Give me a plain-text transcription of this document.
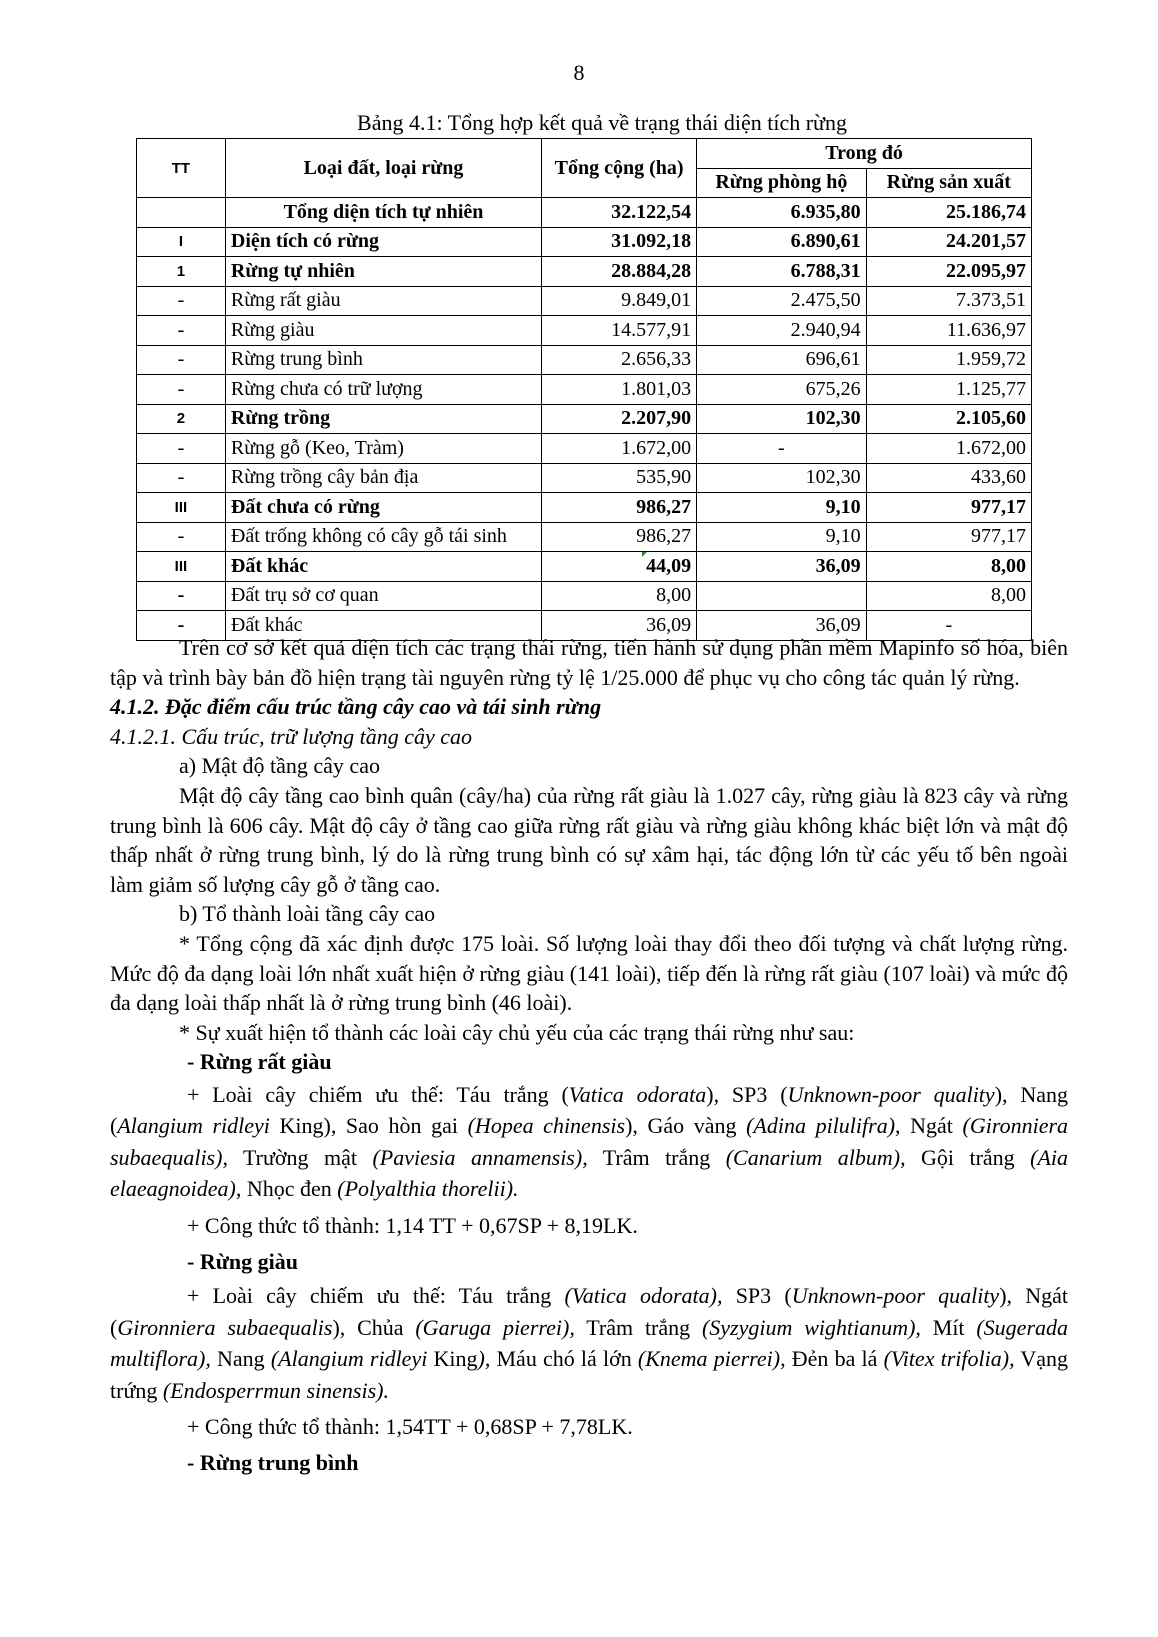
8
Bảng 4.1: Tổng hợp kết quả về trạng thái diện tích rừng
TT	Loại đất, loại rừng	Tổng cộng (ha)	Trong đó	
			Rừng phòng hộ	Rừng sản xuất
	Tổng diện tích tự nhiên	32.122,54	6.935,80	25.186,74
I	Diện tích có rừng	31.092,18	6.890,61	24.201,57
1	Rừng tự nhiên	28.884,28	6.788,31	22.095,97
-	Rừng rất giàu	9.849,01	2.475,50	7.373,51
-	Rừng giàu	14.577,91	2.940,94	11.636,97
-	Rừng trung bình	2.656,33	696,61	1.959,72
-	Rừng chưa có trữ lượng	1.801,03	675,26	1.125,77
2	Rừng trồng	2.207,90	102,30	2.105,60
-	Rừng gỗ (Keo, Tràm)	1.672,00	-	1.672,00
-	Rừng trồng cây bản địa	535,90	102,30	433,60
III	Đất chưa có rừng	986,27	9,10	977,17
-	Đất trống không có cây gỗ tái sinh	986,27	9,10	977,17
III	Đất khác	44,09	36,09	8,00
-	Đất trụ sở cơ quan	8,00		8,00
-	Đất khác	36,09	36,09	-

Trên cơ sở kết quả diện tích các trạng thái rừng, tiến hành sử dụng phần mềm Mapinfo số hóa, biên tập và trình bày bản đồ hiện trạng tài nguyên rừng tỷ lệ 1/25.000 để phục vụ cho công tác quản lý rừng.

4.1.2. Đặc điểm cấu trúc tầng cây cao và tái sinh rừng

4.1.2.1. Cấu trúc, trữ lượng tầng cây cao

a) Mật độ tầng cây cao

Mật độ cây tầng cao bình quân (cây/ha) của rừng rất giàu là 1.027 cây, rừng giàu là 823 cây và rừng trung bình là 606 cây. Mật độ cây ở tầng cao giữa rừng rất giàu và rừng giàu không khác biệt lớn và mật độ thấp nhất ở rừng trung bình, lý do là rừng trung bình có sự xâm hại, tác động lớn từ các yếu tố bên ngoài làm giảm số lượng cây gỗ ở tầng cao.

b) Tổ thành loài tầng cây cao

* Tổng cộng đã xác định được 175 loài. Số lượng loài thay đổi theo đối tượng và chất lượng rừng. Mức độ đa dạng loài lớn nhất xuất hiện ở rừng giàu (141 loài), tiếp đến là rừng rất giàu (107 loài) và mức độ đa dạng loài thấp nhất là ở rừng trung bình (46 loài).

* Sự xuất hiện tổ thành các loài cây chủ yếu của các trạng thái rừng như sau:

- Rừng rất giàu

+ Loài cây chiếm ưu thế: Táu trắng (Vatica odorata), SP3 (Unknown-poor quality), Nang (Alangium ridleyi King), Sao hòn gai (Hopea chinensis), Gáo vàng (Adina pilulifra), Ngát (Gironniera subaequalis), Trường mật (Paviesia annamensis), Trâm trắng (Canarium album), Gội trắng (Aia elaeagnoidea), Nhọc đen (Polyalthia thorelii).

+ Công thức tổ thành: 1,14 TT + 0,67SP + 8,19LK.

- Rừng giàu

+ Loài cây chiếm ưu thế: Táu trắng (Vatica odorata), SP3 (Unknown-poor quality), Ngát (Gironniera subaequalis), Chủa (Garuga pierrei), Trâm trắng (Syzygium wightianum), Mít (Sugerada multiflora), Nang (Alangium ridleyi King), Máu chó lá lớn (Knema pierrei), Đẻn ba lá (Vitex trifolia), Vạng trứng (Endosperrmun sinensis).

+ Công thức tổ thành: 1,54TT + 0,68SP + 7,78LK.

- Rừng trung bình
